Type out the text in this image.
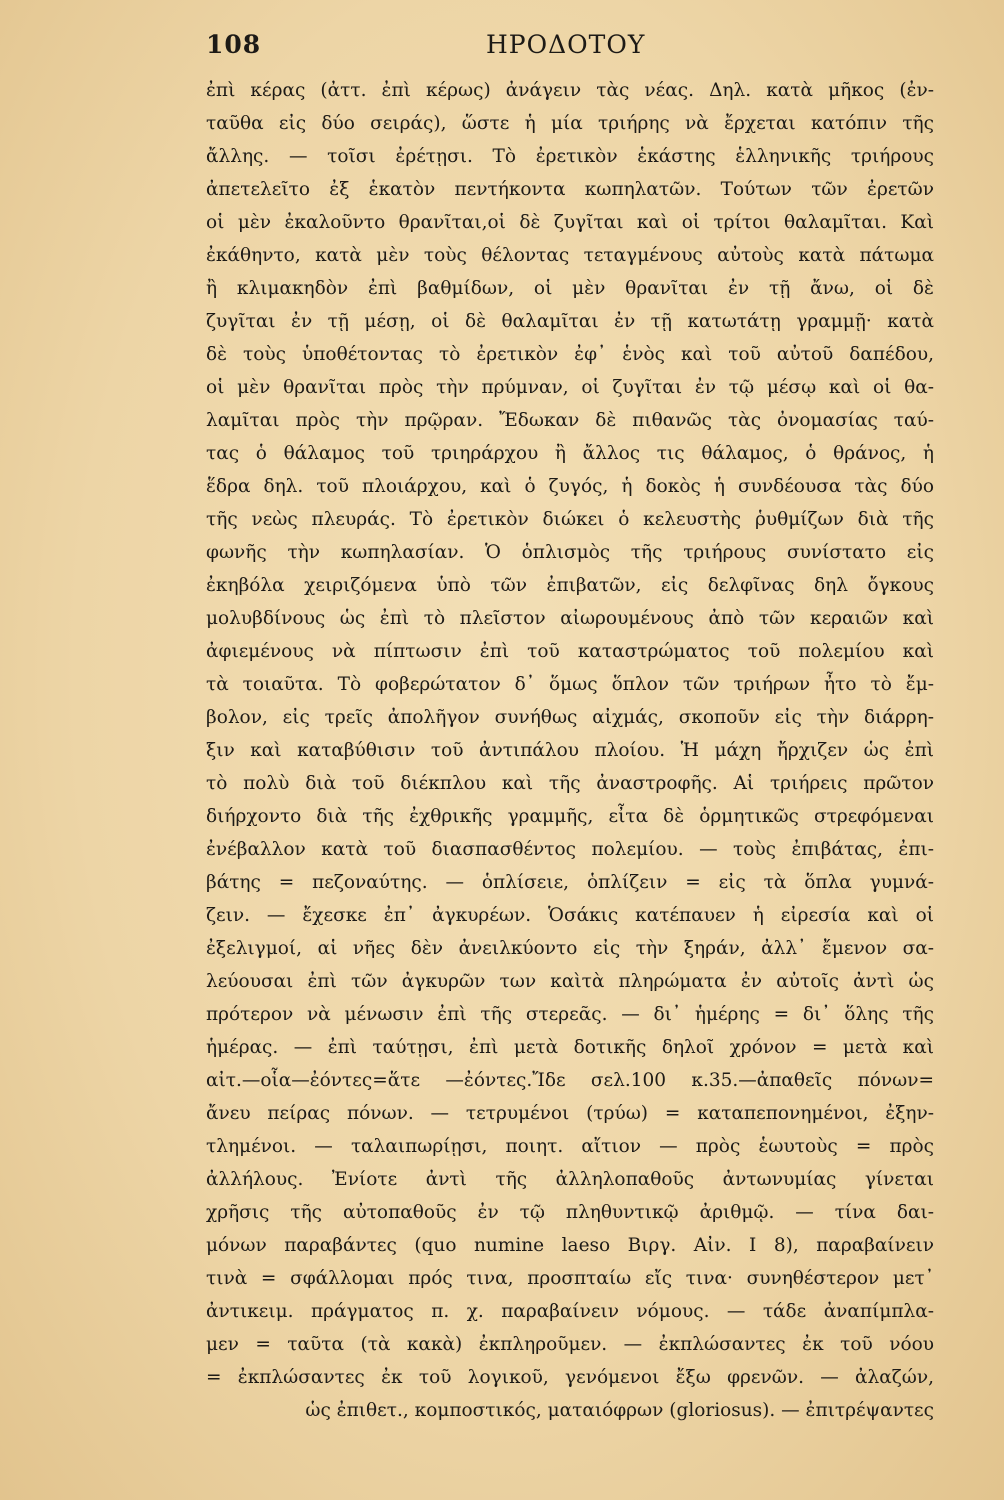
108	ΗΡΟΔΟΤΟΥ
ἐπὶ κέρας (ἀττ. ἐπὶ κέρως) ἀνάγειν τὰς νέας. Δηλ. κατὰ μῆκος (ἐν-
ταῦθα εἰς δύο σειράς), ὥστε ἡ μία τριήρης νὰ ἔρχεται κατόπιν τῆς
ἄλλης. — τοῖσι ἐρέτῃσι. Τὸ ἐρετικὸν ἑκάστης ἑλληνικῆς τριήρους
ἀπετελεῖτο ἐξ ἑκατὸν πεντήκοντα κωπηλατῶν. Τούτων τῶν ἐρετῶν
οἱ μὲν ἐκαλοῦντο θρανῖται,οἱ δὲ ζυγῖται καὶ οἱ τρίτοι θαλαμῖται. Καὶ
ἐκάθηντο, κατὰ μὲν τοὺς θέλοντας τεταγμένους αὐτοὺς κατὰ πάτωμα
ἢ κλιμακηδὸν ἐπὶ βαθμίδων, οἱ μὲν θρανῖται ἐν τῇ ἄνω, οἱ δὲ
ζυγῖται ἐν τῇ μέσῃ, οἱ δὲ θαλαμῖται ἐν τῇ κατωτάτῃ γραμμῇ· κατὰ
δὲ τοὺς ὑποθέτοντας τὸ ἐρετικὸν ἐφ᾽ ἑνὸς καὶ τοῦ αὐτοῦ δαπέδου,
οἱ μὲν θρανῖται πρὸς τὴν πρύμναν, οἱ ζυγῖται ἐν τῷ μέσῳ καὶ οἱ θα-
λαμῖται πρὸς τὴν πρῷραν. Ἔδωκαν δὲ πιθανῶς τὰς ὀνομασίας ταύ-
τας ὁ θάλαμος τοῦ τριηράρχου ἢ ἄλλος τις θάλαμος, ὁ θράνος, ἡ
ἕδρα δηλ. τοῦ πλοιάρχου, καὶ ὁ ζυγός, ἡ δοκὸς ἡ συνδέουσα τὰς δύο
τῆς νεὼς πλευράς. Τὸ ἐρετικὸν διώκει ὁ κελευστὴς ῥυθμίζων διὰ τῆς
φωνῆς τὴν κωπηλασίαν. Ὁ ὁπλισμὸς τῆς τριήρους συνίστατο εἰς
ἐκηβόλα χειριζόμενα ὑπὸ τῶν ἐπιβατῶν, εἰς δελφῖνας δηλ ὄγκους
μολυβδίνους ὡς ἐπὶ τὸ πλεῖστον αἰωρουμένους ἀπὸ τῶν κεραιῶν καὶ
ἀφιεμένους νὰ πίπτωσιν ἐπὶ τοῦ καταστρώματος τοῦ πολεμίου καὶ
τὰ τοιαῦτα. Τὸ φοβερώτατον δ᾽ ὅμως ὅπλον τῶν τριήρων ἦτο τὸ ἔμ-
βολον, εἰς τρεῖς ἀπολῆγον συνήθως αἰχμάς, σκοποῦν εἰς τὴν διάρρη-
ξιν καὶ καταβύθισιν τοῦ ἀντιπάλου πλοίου. Ἡ μάχη ἤρχιζεν ὡς ἐπὶ
τὸ πολὺ διὰ τοῦ διέκπλου καὶ τῆς ἀναστροφῆς. Αἱ τριήρεις πρῶτον
διήρχοντο διὰ τῆς ἐχθρικῆς γραμμῆς, εἶτα δὲ ὁρμητικῶς στρεφόμεναι
ἐνέβαλλον κατὰ τοῦ διασπασθέντος πολεμίου. — τοὺς ἐπιβάτας, ἐπι-
βάτης = πεζοναύτης. — ὁπλίσειε, ὁπλίζειν = εἰς τὰ ὅπλα γυμνά-
ζειν. — ἔχεσκε ἐπ᾽ ἀγκυρέων. Ὁσάκις κατέπαυεν ἡ εἰρεσία καὶ οἱ
ἐξελιγμοί, αἱ νῆες δὲν ἀνειλκύοντο εἰς τὴν ξηράν, ἀλλ᾽ ἔμενον σα-
λεύουσαι ἐπὶ τῶν ἀγκυρῶν των καὶτὰ πληρώματα ἐν αὐτοῖς ἀντὶ ὡς
πρότερον νὰ μένωσιν ἐπὶ τῆς στερεᾶς. — δι᾽ ἡμέρης = δι᾽ ὅλης τῆς
ἡμέρας. — ἐπὶ ταύτῃσι, ἐπὶ μετὰ δοτικῆς δηλοῖ χρόνον = μετὰ καὶ
αἰτ.—οἷα—ἐόντες=ἅτε —ἐόντες.Ἴδε σελ.100 κ.35.—ἀπαθεῖς πόνων=
ἄνευ πείρας πόνων. — τετρυμένοι (τρύω) = καταπεπονημένοι, ἐξην-
τλημένοι. — ταλαιπωρίῃσι, ποιητ. αἴτιον — πρὸς ἑωυτοὺς = πρὸς
ἀλλήλους. Ἐνίοτε ἀντὶ τῆς ἀλληλοπαθοῦς ἀντωνυμίας γίνεται
χρῆσις τῆς αὐτοπαθοῦς ἐν τῷ πληθυντικῷ ἀριθμῷ. — τίνα δαι-
μόνων παραβάντες (quo numine laeso Βιργ. Αἰν. I 8), παραβαίνειν
τινὰ = σφάλλομαι πρός τινα, προσπταίω εἴς τινα· συνηθέστερον μετ᾽
ἀντικειμ. πράγματος π. χ. παραβαίνειν νόμους. — τάδε ἀναπίμπλα-
μεν = ταῦτα (τὰ κακὰ) ἐκπληροῦμεν. — ἐκπλώσαντες ἐκ τοῦ νόου
= ἐκπλώσαντες ἐκ τοῦ λογικοῦ, γενόμενοι ἔξω φρενῶν. — ἀλαζών,
ὡς ἐπιθετ., κομποστικός, ματαιόφρων (gloriosus). — ἐπιτρέψαντες
